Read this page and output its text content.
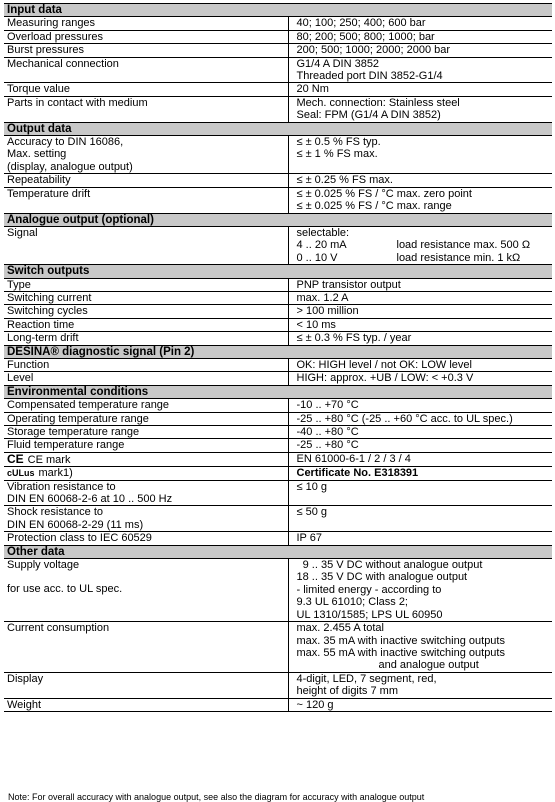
Input data	
Measuring ranges	40; 100; 250; 400; 600 bar
Overload pressures	80; 200; 500; 800; 1000; bar
Burst pressures	200; 500; 1000; 2000; 2000 bar
Mechanical connection	G1/4 A DIN 3852
Threaded port DIN 3852-G1/4

Torque value	20 Nm
Parts in contact with medium	Mech. connection: Stainless steel
Seal: FPM (G1/4 A DIN 3852)

Output data	

Accuracy to DIN 16086,
Max. setting
(display, analogue output)	≤ ± 0.5 % FS typ.
≤ ± 1 % FS max.

Repeatability	≤ ± 0.25 % FS max.
Temperature drift	≤ ± 0.025 % FS / °C max. zero point
≤ ± 0.025 % FS / °C max. range

Analogue output (optional)	
Signal	selectable:
4 .. 20 mA load resistance max. 500 Ω
0 .. 10 V load resistance min. 1 kΩ

Switch outputs	
Type	PNP transistor output
Switching current	max. 1.2 A
Switching cycles	> 100 million
Reaction time	< 10 ms
Long-term drift	≤ ± 0.3 % FS typ. / year
DESINA® diagnostic signal (Pin 2)	
Function	OK: HIGH level / not OK: LOW level
Level	HIGH: approx. +UB / LOW: < +0.3 V
Environmental conditions	
Compensated temperature range	-10 .. +70 °C
Operating temperature range	-25 .. +80 °C (-25 .. +60 °C acc. to UL spec.)
Storage temperature range	-40 .. +80 °C
Fluid temperature range	-25 .. +80 °C
CE CE mark	EN 61000-6-1 / 2 / 3 / 4
cULus mark1)	Certificate No. E318391

Vibration resistance to
DIN EN 60068-2-6 at 10 .. 500 Hz	≤ 10 g

Shock resistance to
DIN EN 60068-2-29 (11 ms)	≤ 50 g
Protection class to IEC 60529	IP 67
Other data	

Supply voltage
for use acc. to UL spec.	9 .. 35 V DC without analogue output
18 .. 35 V DC with analogue output
- limited energy - according to
9.3 UL 61010; Class 2;
UL 1310/1585; LPS UL 60950

Current consumption	max. 2.455 A total
max. 35 mA with inactive switching outputs
max. 55 mA with inactive switching outputs
and analogue output

Display	4-digit, LED, 7 segment, red,
height of digits 7 mm

Weight	~ 120 g
Note: For overall accuracy with analogue output, see also the diagram for accuracy with analogue output
